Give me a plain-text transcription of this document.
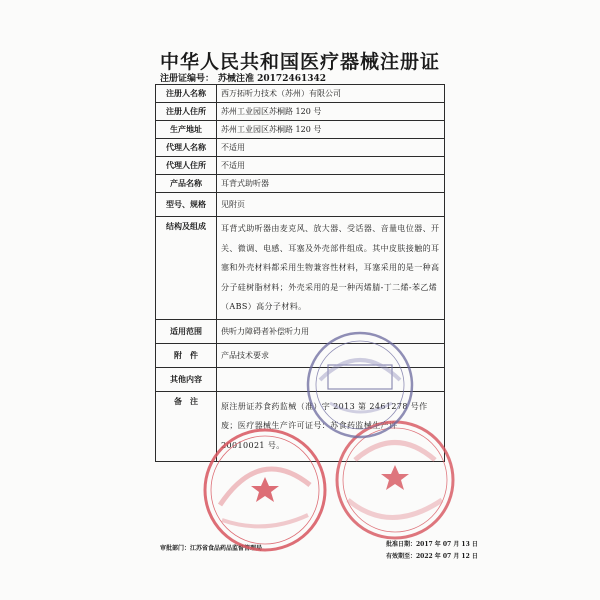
中华人民共和国医疗器械注册证
注册证编号： 苏械注准 20172461342
注册人名称	西万拓听力技术（苏州）有限公司
注册人住所	苏州工业园区苏桐路 120 号
生产地址	苏州工业园区苏桐路 120 号
代理人名称	不适用
代理人住所	不适用
产品名称	耳背式助听器
型号、规格	见附页
结构及组成	耳背式助听器由麦克风、放大器、受话器、音量电位器、开关、微调、电感、耳塞及外壳部件组成。其中皮肤接触的耳塞和外壳材料都采用生物兼容性材料，耳塞采用的是一种高分子硅树脂材料；外壳采用的是一种丙烯腈-丁二烯-苯乙烯（ABS）高分子材料。
适用范围	供听力障碍者补偿听力用
附　件	产品技术要求
其他内容	
备　注	原注册证苏食药监械（准）字 2013 第 2461278 号作废；医疗器械生产许可证号：苏食药监械生产许 20010021 号。
审批部门：江苏省食品药品监督管理局
批准日期：2017 年 07 月 13 日
有效期至：2022 年 07 月 12 日
